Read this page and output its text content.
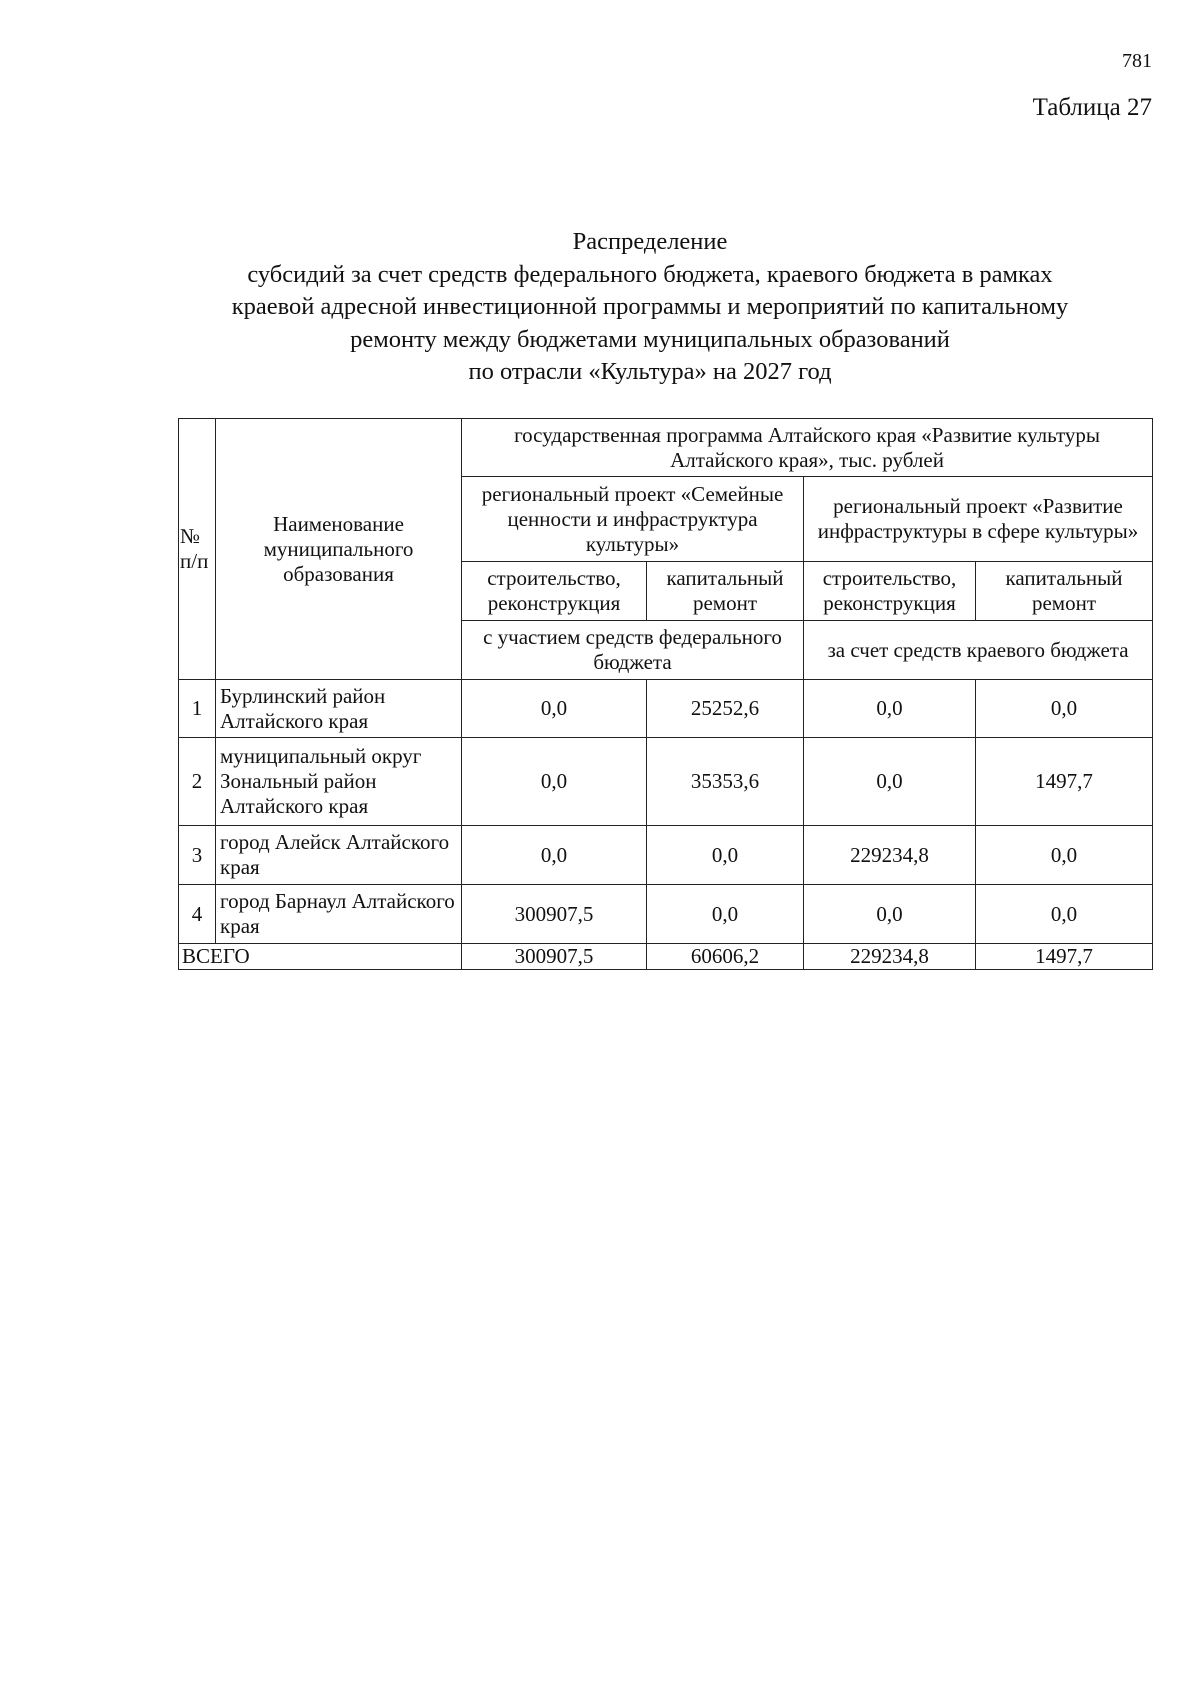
781
Таблица 27
Распределение
субсидий за счет средств федерального бюджета, краевого бюджета в рамках
краевой адресной инвестиционной программы и мероприятий по капитальному
ремонту между бюджетами муниципальных образований
по отрасли «Культура» на 2027 год
№ п/п	Наименование муниципального образования	государственная программа Алтайского края «Развитие культуры Алтайского края», тыс. рублей			
		региональный проект «Семейные ценности и инфраструктура культуры»		региональный проект «Развитие инфраструктуры в сфере культуры»	
		строительство, реконструкция	капитальный ремонт	строительство, реконструкция	капитальный ремонт
		с участием средств федерального бюджета		за счет средств краевого бюджета	
1	Бурлинский район Алтайского края	0,0	25252,6	0,0	0,0
2	муниципальный округ Зональный район Алтайского края	0,0	35353,6	0,0	1497,7
3	город Алейск Алтайского края	0,0	0,0	229234,8	0,0
4	город Барнаул Алтайского края	300907,5	0,0	0,0	0,0
ВСЕГО		300907,5	60606,2	229234,8	1497,7
